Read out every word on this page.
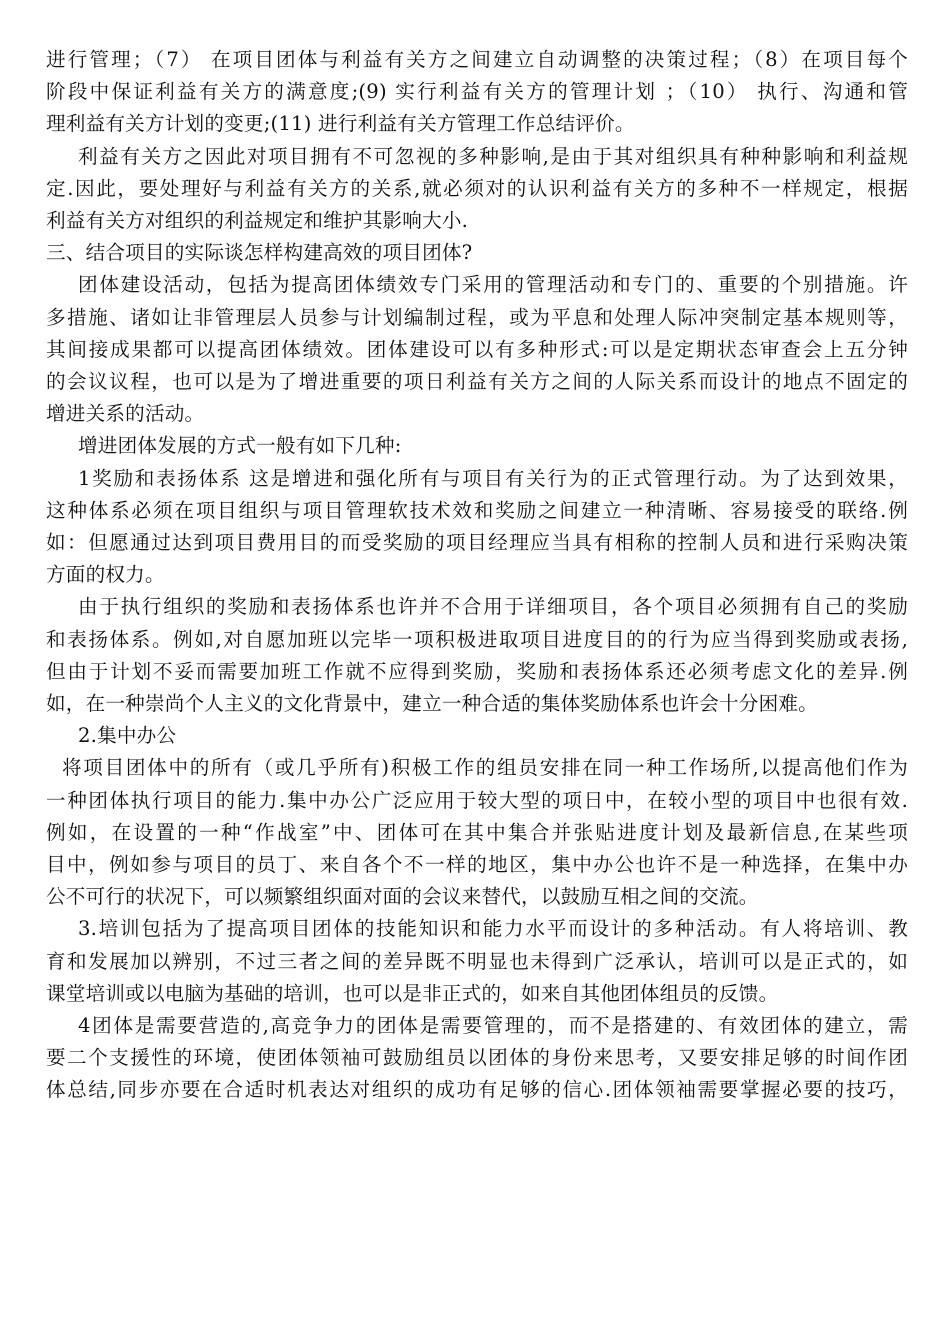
进行管理；（7） 在项目团体与利益有关方之间建立自动调整的决策过程；（8）在项目每个
阶段中保证利益有关方的满意度;(9) 实行利益有关方的管理计划 ；（10） 执行、沟通和管
理利益有关方计划的变更;(11) 进行利益有关方管理工作总结评价。
利益有关方之因此对项目拥有不可忽视的多种影响,是由于其对组织具有种种影响和利益规
定.因此，要处理好与利益有关方的关系,就必须对的认识利益有关方的多种不一样规定，根据
利益有关方对组织的利益规定和维护其影响大小.
三、结合项目的实际谈怎样构建高效的项目团体?
团体建设活动，包括为提高团体绩效专门采用的管理活动和专门的、重要的个别措施。许
多措施、诸如让非管理层人员参与计划编制过程，或为平息和处理人际冲突制定基本规则等，
其间接成果都可以提高团体绩效。团体建设可以有多种形式:可以是定期状态审查会上五分钟
的会议议程，也可以是为了增进重要的项日利益有关方之间的人际关系而设计的地点不固定的
增进关系的活动。
增进团体发展的方式一般有如下几种:
1奖励和表扬体系 这是增进和强化所有与项目有关行为的正式管理行动。为了达到效果，
这种体系必须在项目组织与项目管理软技术效和奖励之间建立一种清晰、容易接受的联络.例
如：但愿通过达到项目费用目的而受奖励的项目经理应当具有相称的控制人员和进行采购决策
方面的权力。
由于执行组织的奖励和表扬体系也许并不合用于详细项目，各个项目必须拥有自己的奖励
和表扬体系。例如,对自愿加班以完毕一项积极进取项目进度目的的行为应当得到奖励或表扬,
但由于计划不妥而需要加班工作就不应得到奖励，奖励和表扬体系还必须考虑文化的差异.例
如，在一种崇尚个人主义的文化背景中，建立一种合适的集体奖励体系也许会十分困难。
2.集中办公
将项目团体中的所有（或几乎所有)积极工作的组员安排在同一种工作场所,以提高他们作为
一种团体执行项目的能力.集中办公广泛应用于较大型的项日中，在较小型的项目中也很有效.
例如，在设置的一种“作战室”中、团体可在其中集合并张贴进度计划及最新信息,在某些项
目中，例如参与项目的员丁、来自各个不一样的地区，集中办公也许不是一种选择，在集中办
公不可行的状况下，可以频繁组织面对面的会议来替代，以鼓励互相之间的交流。
3.培训包括为了提高项目团体的技能知识和能力水平而设计的多种活动。有人将培训、教
育和发展加以辨别，不过三者之间的差异既不明显也未得到广泛承认，培训可以是正式的，如
课堂培训或以电脑为基础的培训，也可以是非正式的，如来自其他团体组员的反馈。
4团体是需要营造的,高竞争力的团体是需要管理的，而不是搭建的、有效团体的建立，需
要二个支援性的环境，使团体领袖可鼓励组员以团体的身份来思考，又要安排足够的时间作团
体总结,同步亦要在合适时机表达对组织的成功有足够的信心.团体领袖需要掌握必要的技巧，
